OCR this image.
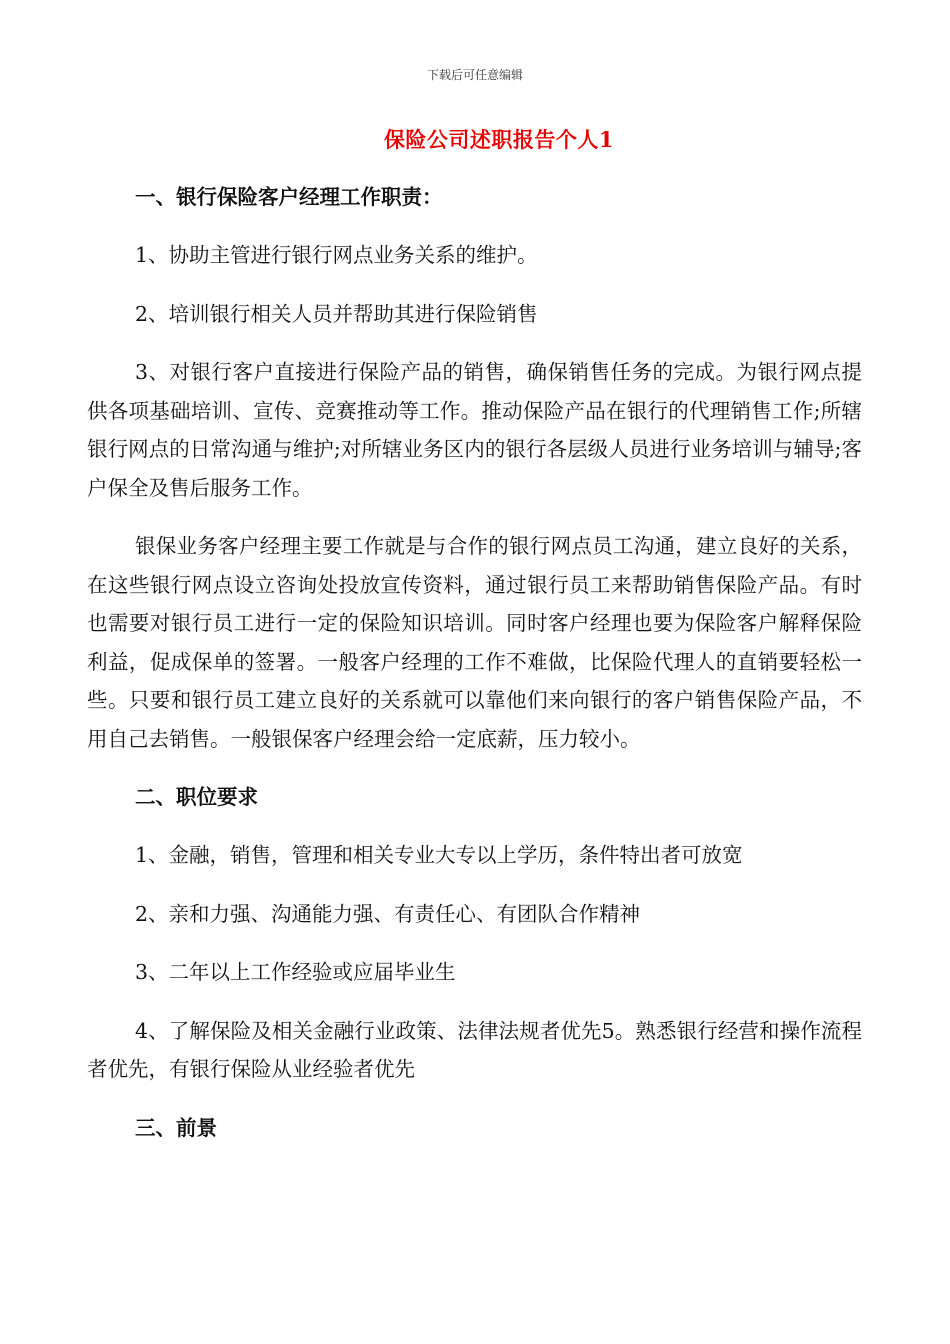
下载后可任意编辑
保险公司述职报告个人1

一、银行保险客户经理工作职责：

1、协助主管进行银行网点业务关系的维护。

2、培训银行相关人员并帮助其进行保险销售

3、对银行客户直接进行保险产品的销售，确保销售任务的完成。为银行网点提供各项基础培训、宣传、竞赛推动等工作。推动保险产品在银行的代理销售工作;所辖银行网点的日常沟通与维护;对所辖业务区内的银行各层级人员进行业务培训与辅导;客户保全及售后服务工作。

银保业务客户经理主要工作就是与合作的银行网点员工沟通，建立良好的关系，在这些银行网点设立咨询处投放宣传资料，通过银行员工来帮助销售保险产品。有时也需要对银行员工进行一定的保险知识培训。同时客户经理也要为保险客户解释保险利益，促成保单的签署。一般客户经理的工作不难做，比保险代理人的直销要轻松一些。只要和银行员工建立良好的关系就可以靠他们来向银行的客户销售保险产品，不用自己去销售。一般银保客户经理会给一定底薪，压力较小。

二、职位要求

1、金融，销售，管理和相关专业大专以上学历，条件特出者可放宽

2、亲和力强、沟通能力强、有责任心、有团队合作精神

3、二年以上工作经验或应届毕业生

4、了解保险及相关金融行业政策、法律法规者优先5。熟悉银行经营和操作流程者优先，有银行保险从业经验者优先

三、前景
